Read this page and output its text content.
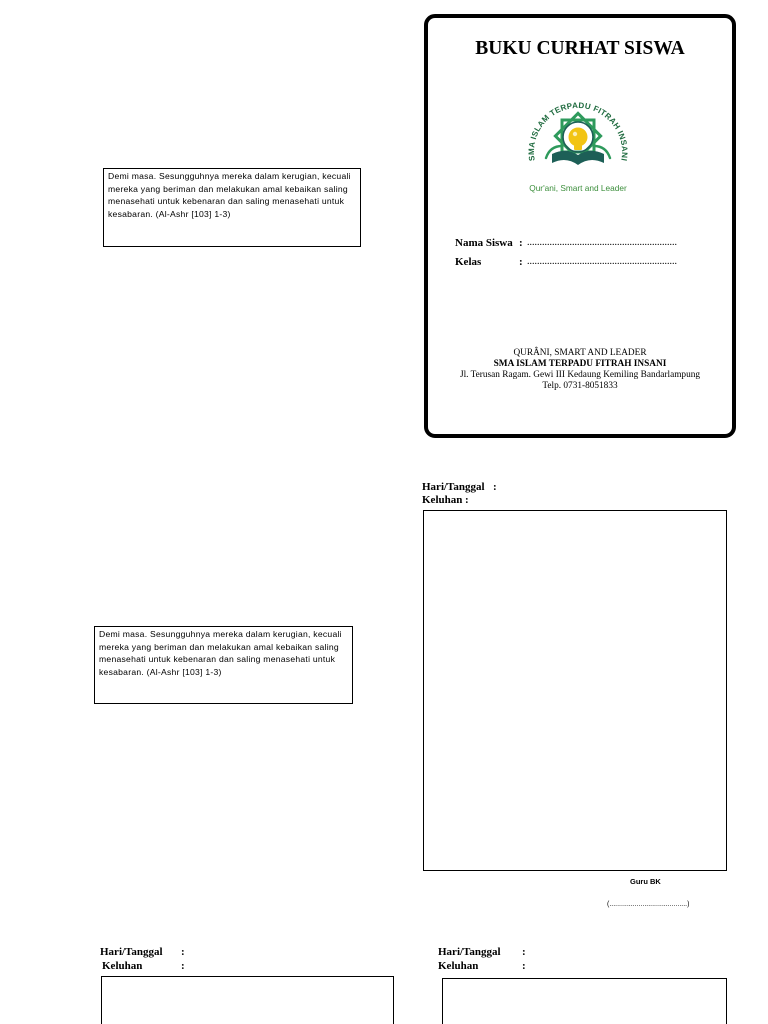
BUKU CURHAT SISWA
SMA ISLAM TERPADU FITRAH INSANI
Qur'ani, Smart and Leader
Nama Siswa : ............................................................
Kelas	: ............................................................
QURÂNI, SMART AND LEADER
SMA ISLAM TERPADU FITRAH INSANI
Jl. Terusan Ragam. Gewi III Kedaung Kemiling Bandarlampung
Telp. 0731-8051833
Demi masa. Sesungguhnya mereka dalam kerugian, kecuali
mereka yang beriman dan melakukan amal kebaikan saling
menasehati untuk kebenaran dan saling menasehati untuk
kesabaran. (Al-Ashr [103] 1-3)
Demi masa. Sesungguhnya mereka dalam kerugian, kecuali
mereka yang beriman dan melakukan amal kebaikan saling
menasehati untuk kebenaran dan saling menasehati untuk
kesabaran. (Al-Ashr [103] 1-3)
Hari/Tanggal :
Keluhan :
Guru BK
(........................................)
Hari/Tanggal :
Keluhan	:
Hari/Tanggal :
Keluhan	:
